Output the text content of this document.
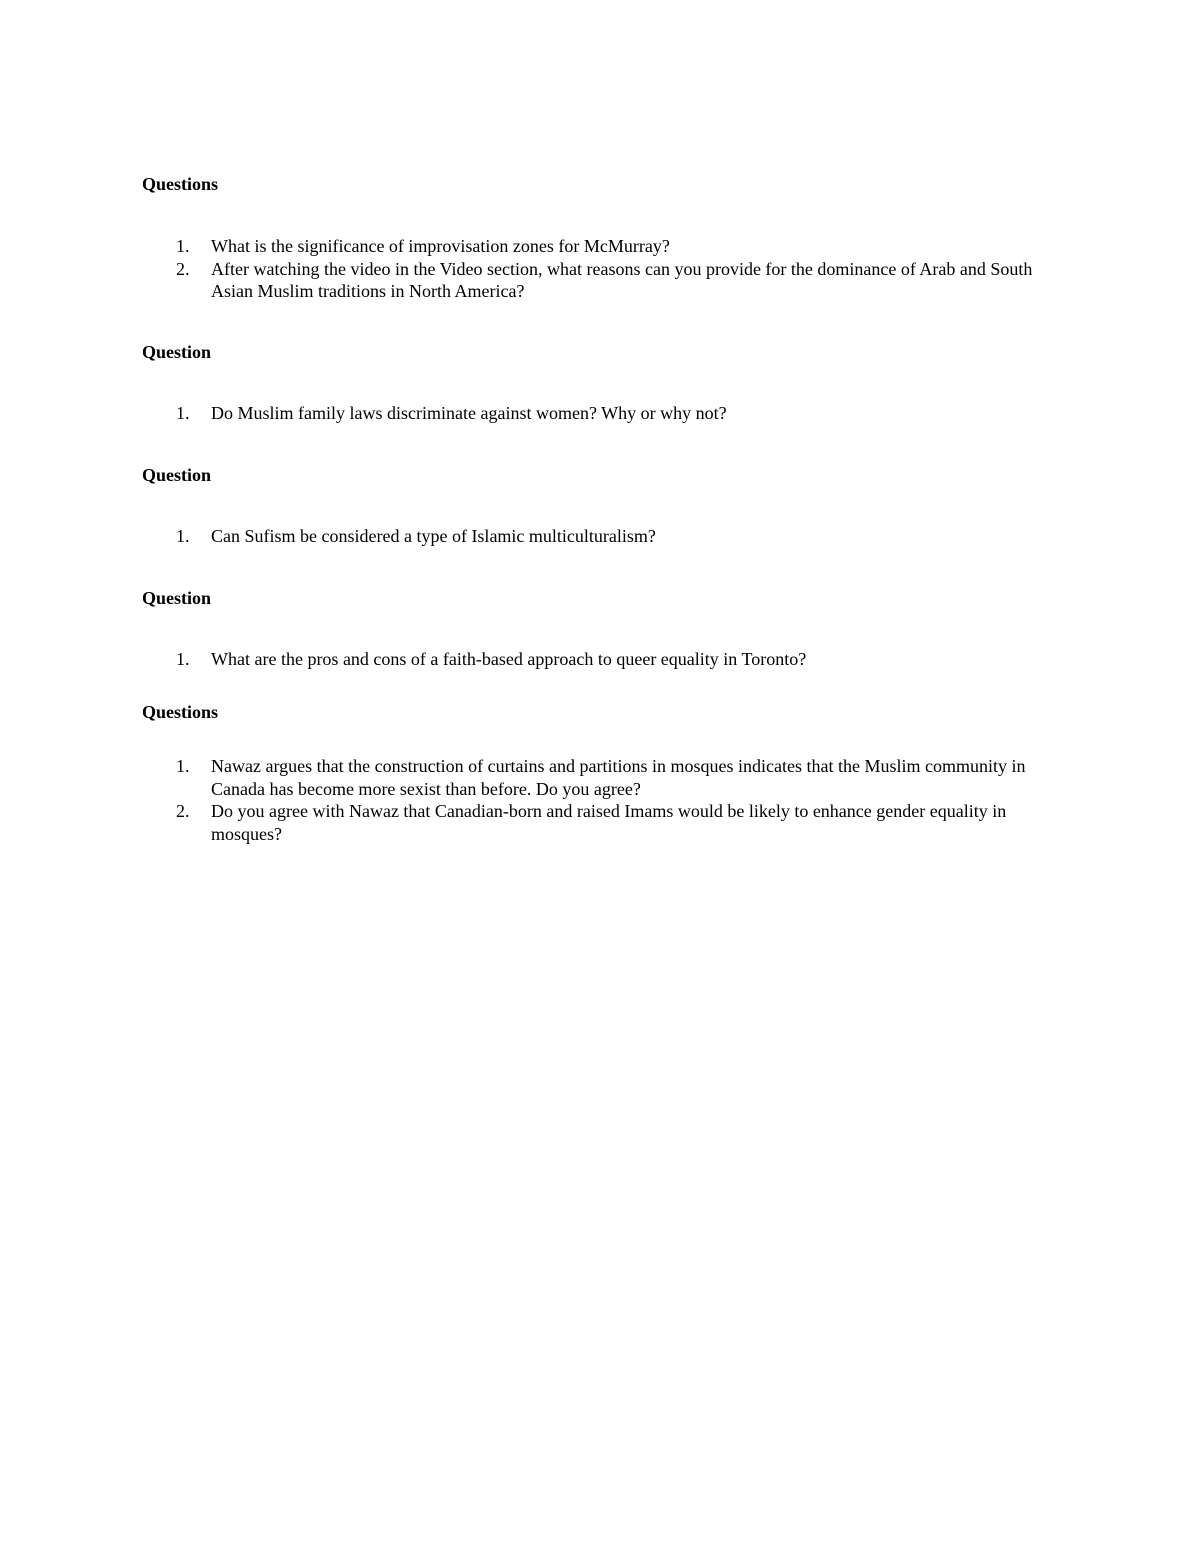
Questions
1.	What is the significance of improvisation zones for McMurray?
2.	After watching the video in the Video section, what reasons can you provide for the dominance of Arab and South Asian Muslim traditions in North America?
Question
1.	Do Muslim family laws discriminate against women? Why or why not?
Question
1.	Can Sufism be considered a type of Islamic multiculturalism?
Question
1.	What are the pros and cons of a faith-based approach to queer equality in Toronto?
Questions
1.	Nawaz argues that the construction of curtains and partitions in mosques indicates that the Muslim community in Canada has become more sexist than before. Do you agree?
2.	Do you agree with Nawaz that Canadian-born and raised Imams would be likely to enhance gender equality in mosques?
